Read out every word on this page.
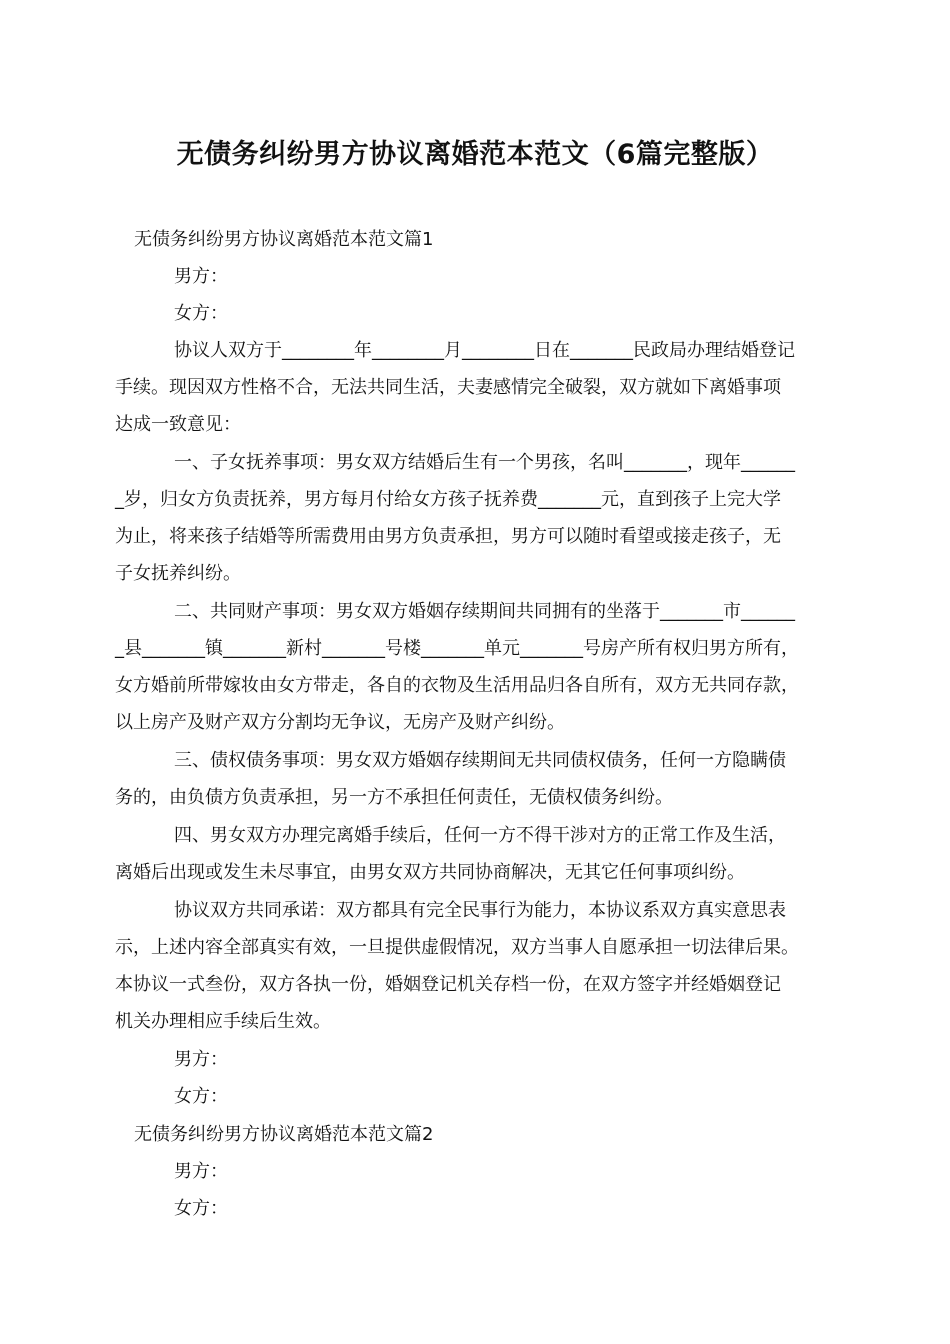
无债务纠纷男方协议离婚范本范文（6篇完整版）

无债务纠纷男方协议离婚范本范文篇1

男方：

女方：

协议人双方于________年________月________日在_______民政局办理结婚登记

手续。现因双方性格不合，无法共同生活，夫妻感情完全破裂，双方就如下离婚事项

达成一致意见：

一、子女抚养事项：男女双方结婚后生有一个男孩，名叫_______，现年______

_岁，归女方负责抚养，男方每月付给女方孩子抚养费_______元，直到孩子上完大学

为止，将来孩子结婚等所需费用由男方负责承担，男方可以随时看望或接走孩子，无

子女抚养纠纷。

二、共同财产事项：男女双方婚姻存续期间共同拥有的坐落于_______市______

_县_______镇_______新村_______号楼_______单元_______号房产所有权归男方所有，

女方婚前所带嫁妆由女方带走，各自的衣物及生活用品归各自所有，双方无共同存款，

以上房产及财产双方分割均无争议，无房产及财产纠纷。

三、债权债务事项：男女双方婚姻存续期间无共同债权债务，任何一方隐瞒债

务的，由负债方负责承担，另一方不承担任何责任，无债权债务纠纷。

四、男女双方办理完离婚手续后，任何一方不得干涉对方的正常工作及生活，

离婚后出现或发生未尽事宜，由男女双方共同协商解决，无其它任何事项纠纷。

协议双方共同承诺：双方都具有完全民事行为能力，本协议系双方真实意思表

示，上述内容全部真实有效，一旦提供虚假情况，双方当事人自愿承担一切法律后果。

本协议一式叁份，双方各执一份，婚姻登记机关存档一份，在双方签字并经婚姻登记

机关办理相应手续后生效。

男方：

女方：

无债务纠纷男方协议离婚范本范文篇2

男方：

女方：
